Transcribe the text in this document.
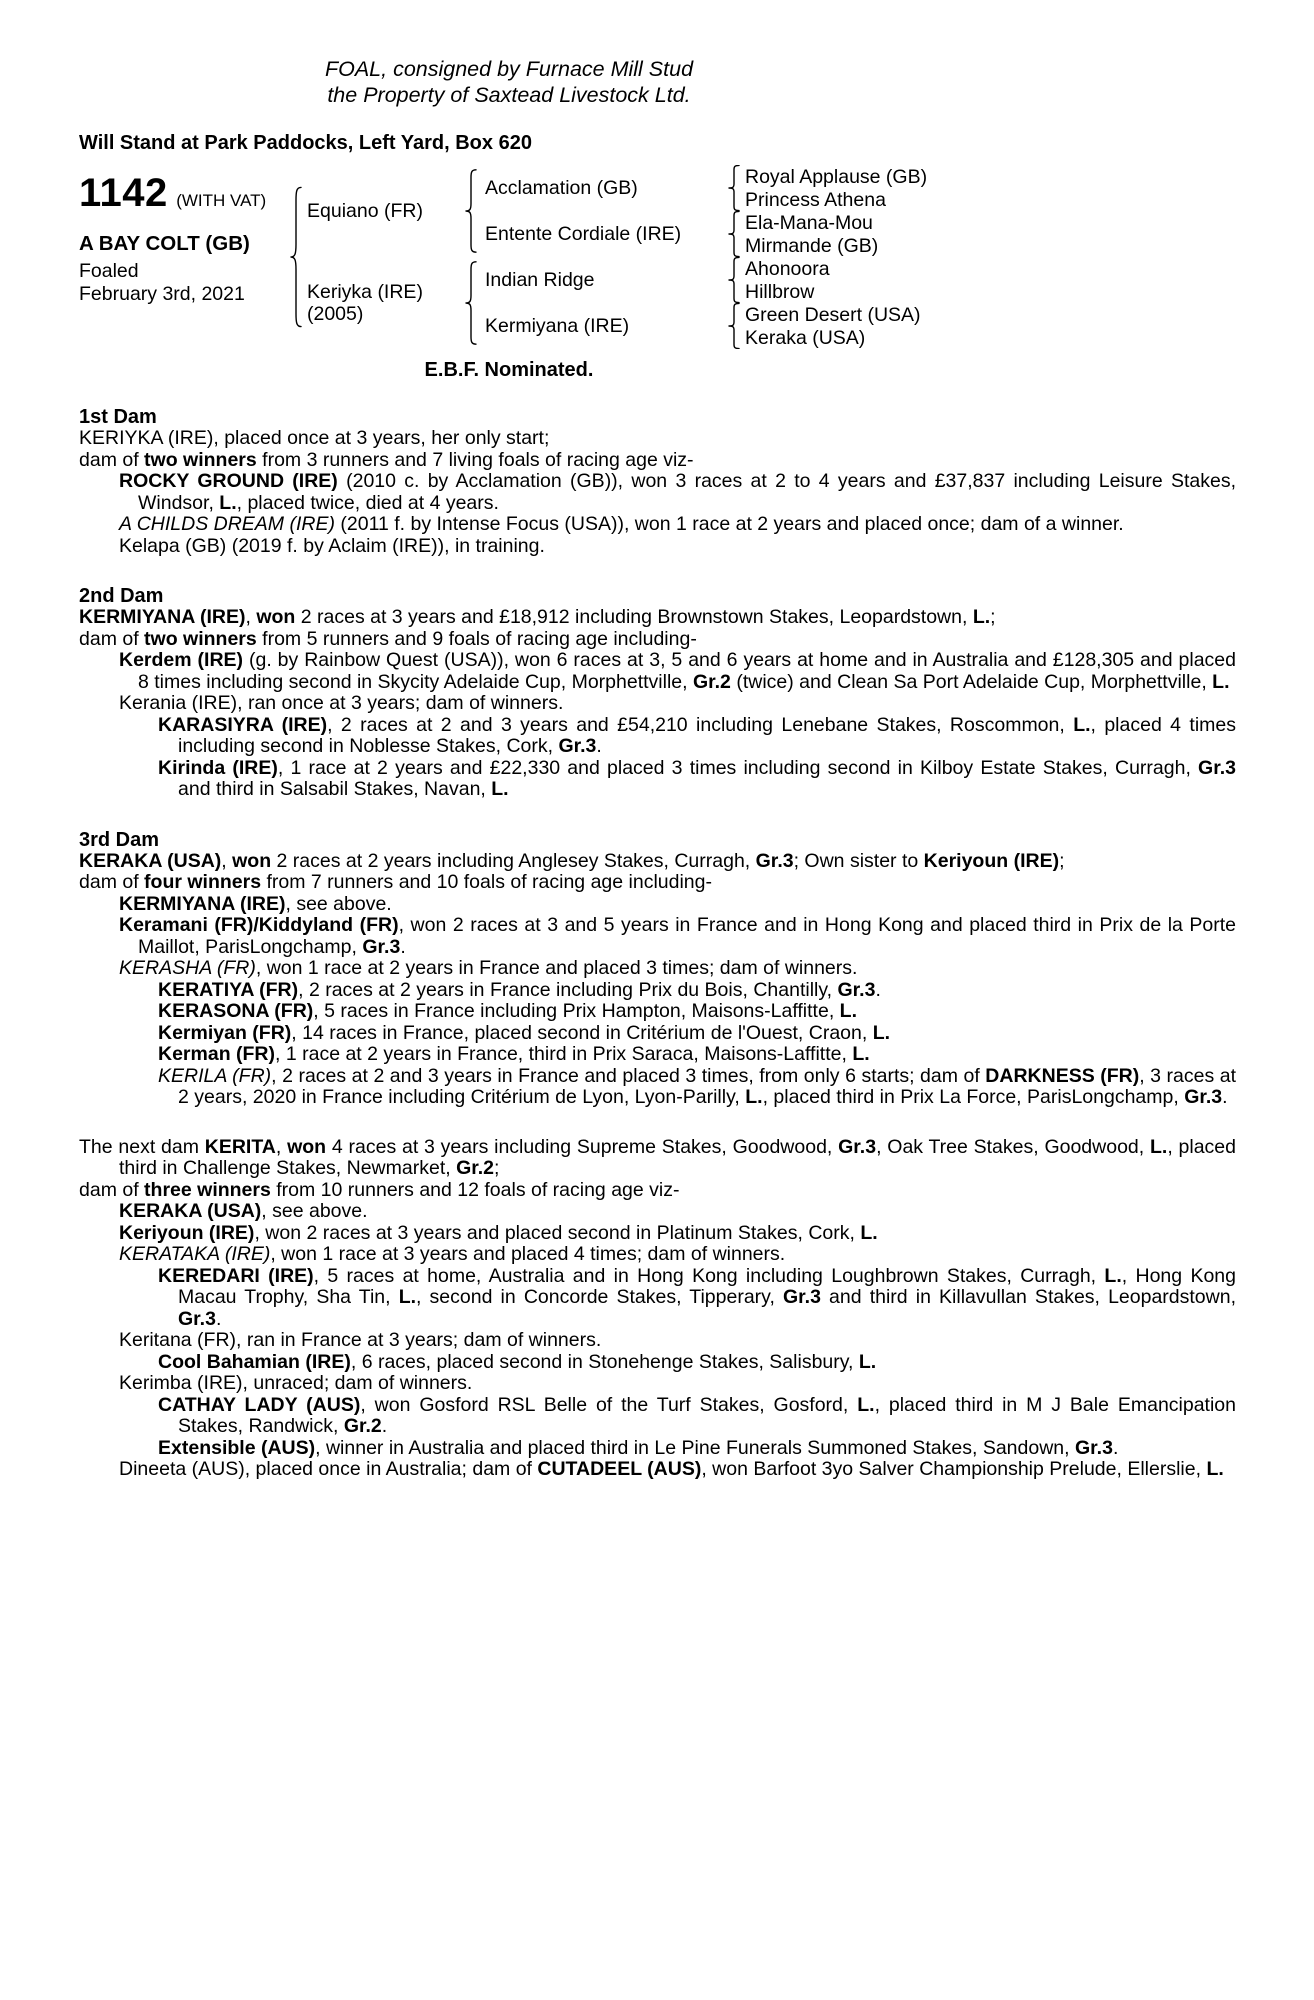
FOAL, consigned by Furnace Mill Stud
the Property of Saxtead Livestock Ltd.
Will Stand at Park Paddocks, Left Yard, Box 620
1142 (WITH VAT)
A BAY COLT (GB)
Foaled
February 3rd, 2021
Equiano (FR)
Keriyka (IRE)
(2005)
Acclamation (GB)
Entente Cordiale (IRE)
Indian Ridge
Kermiyana (IRE)
Royal Applause (GB)
Princess Athena
Ela-Mana-Mou
Mirmande (GB)
Ahonoora
Hillbrow
Green Desert (USA)
Keraka (USA)
E.B.F. Nominated.
1st Dam

KERIYKA (IRE), placed once at 3 years, her only start;

dam of two winners from 3 runners and 7 living foals of racing age viz-

ROCKY GROUND (IRE) (2010 c. by Acclamation (GB)), won 3 races at 2 to 4 years and £37,837 including Leisure Stakes, Windsor, L., placed twice, died at 4 years.

A CHILDS DREAM (IRE) (2011 f. by Intense Focus (USA)), won 1 race at 2 years and placed once; dam of a winner.

Kelapa (GB) (2019 f. by Aclaim (IRE)), in training.

2nd Dam

KERMIYANA (IRE), won 2 races at 3 years and £18,912 including Brownstown Stakes, Leopardstown, L.;

dam of two winners from 5 runners and 9 foals of racing age including-

Kerdem (IRE) (g. by Rainbow Quest (USA)), won 6 races at 3, 5 and 6 years at home and in Australia and £128,305 and placed 8 times including second in Skycity Adelaide Cup, Morphettville, Gr.2 (twice) and Clean Sa Port Adelaide Cup, Morphettville, L.

Kerania (IRE), ran once at 3 years; dam of winners.

KARASIYRA (IRE), 2 races at 2 and 3 years and £54,210 including Lenebane Stakes, Roscommon, L., placed 4 times including second in Noblesse Stakes, Cork, Gr.3.

Kirinda (IRE), 1 race at 2 years and £22,330 and placed 3 times including second in Kilboy Estate Stakes, Curragh, Gr.3 and third in Salsabil Stakes, Navan, L.

3rd Dam

KERAKA (USA), won 2 races at 2 years including Anglesey Stakes, Curragh, Gr.3; Own sister to Keriyoun (IRE);

dam of four winners from 7 runners and 10 foals of racing age including-

KERMIYANA (IRE), see above.

Keramani (FR)/Kiddyland (FR), won 2 races at 3 and 5 years in France and in Hong Kong and placed third in Prix de la Porte Maillot, ParisLongchamp, Gr.3.

KERASHA (FR), won 1 race at 2 years in France and placed 3 times; dam of winners.

KERATIYA (FR), 2 races at 2 years in France including Prix du Bois, Chantilly, Gr.3.

KERASONA (FR), 5 races in France including Prix Hampton, Maisons-Laffitte, L.

Kermiyan (FR), 14 races in France, placed second in Critérium de l'Ouest, Craon, L.

Kerman (FR), 1 race at 2 years in France, third in Prix Saraca, Maisons-Laffitte, L.

KERILA (FR), 2 races at 2 and 3 years in France and placed 3 times, from only 6 starts; dam of DARKNESS (FR), 3 races at 2 years, 2020 in France including Critérium de Lyon, Lyon-Parilly, L., placed third in Prix La Force, ParisLongchamp, Gr.3.

The next dam KERITA, won 4 races at 3 years including Supreme Stakes, Goodwood, Gr.3, Oak Tree Stakes, Goodwood, L., placed third in Challenge Stakes, Newmarket, Gr.2;

dam of three winners from 10 runners and 12 foals of racing age viz-

KERAKA (USA), see above.

Keriyoun (IRE), won 2 races at 3 years and placed second in Platinum Stakes, Cork, L.

KERATAKA (IRE), won 1 race at 3 years and placed 4 times; dam of winners.

KEREDARI (IRE), 5 races at home, Australia and in Hong Kong including Loughbrown Stakes, Curragh, L., Hong Kong Macau Trophy, Sha Tin, L., second in Concorde Stakes, Tipperary, Gr.3 and third in Killavullan Stakes, Leopardstown, Gr.3.

Keritana (FR), ran in France at 3 years; dam of winners.

Cool Bahamian (IRE), 6 races, placed second in Stonehenge Stakes, Salisbury, L.

Kerimba (IRE), unraced; dam of winners.

CATHAY LADY (AUS), won Gosford RSL Belle of the Turf Stakes, Gosford, L., placed third in M J Bale Emancipation Stakes, Randwick, Gr.2.

Extensible (AUS), winner in Australia and placed third in Le Pine Funerals Summoned Stakes, Sandown, Gr.3.

Dineeta (AUS), placed once in Australia; dam of CUTADEEL (AUS), won Barfoot 3yo Salver Championship Prelude, Ellerslie, L.
